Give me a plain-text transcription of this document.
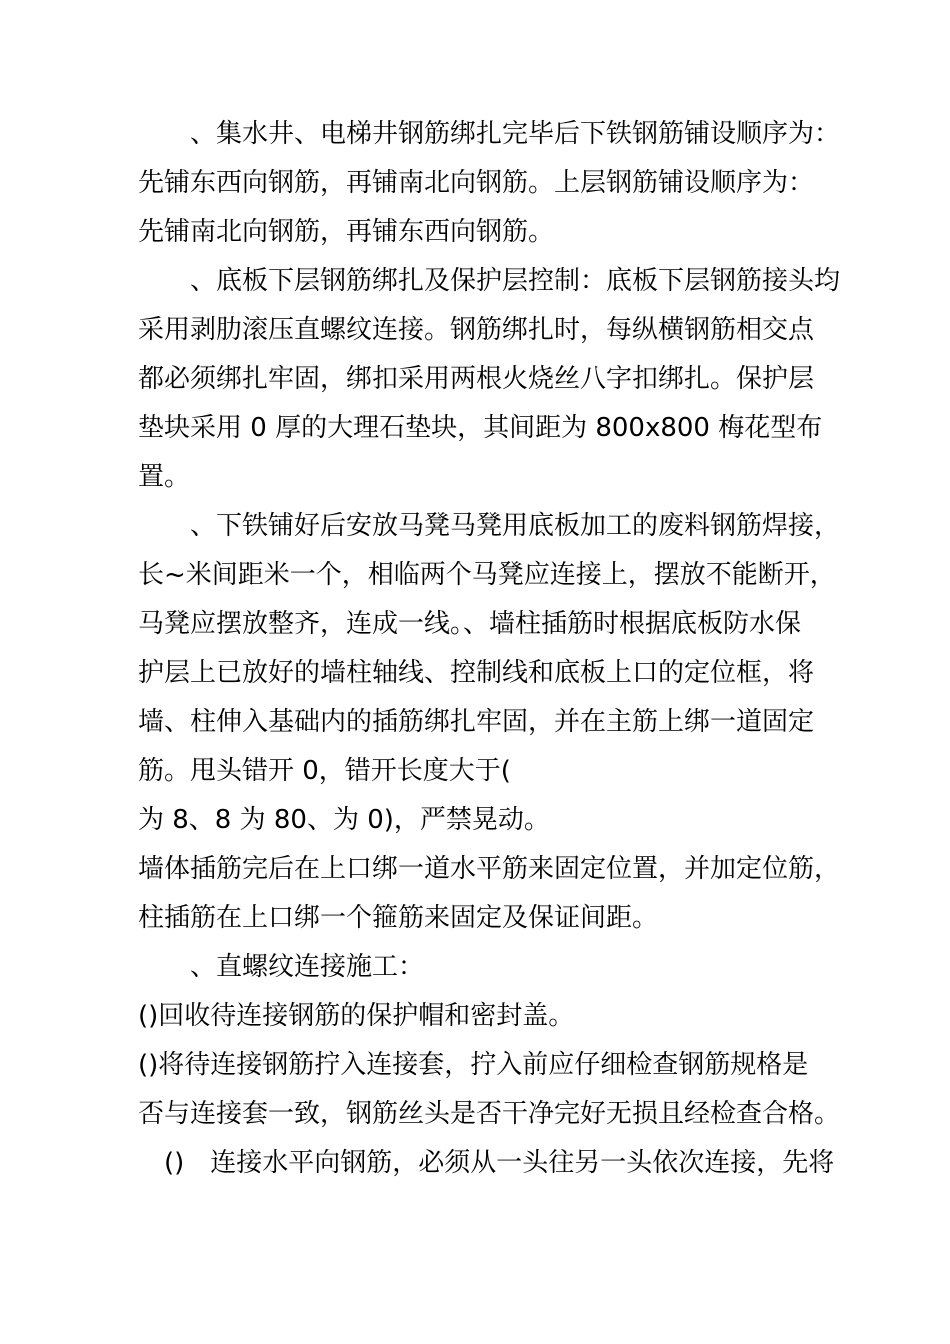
　　、集水井、电梯井钢筋绑扎完毕后下铁钢筋铺设顺序为：
先铺东西向钢筋，再铺南北向钢筋。上层钢筋铺设顺序为：
先铺南北向钢筋，再铺东西向钢筋。
　　、底板下层钢筋绑扎及保护层控制：底板下层钢筋接头均
采用剥肋滚压直螺纹连接。钢筋绑扎时，每纵横钢筋相交点
都必须绑扎牢固，绑扣采用两根火烧丝八字扣绑扎。保护层
垫块采用 0 厚的大理石垫块，其间距为 800x800 梅花型布
置。
　　、下铁铺好后安放马凳马凳用底板加工的废料钢筋焊接，
长~米间距米一个，相临两个马凳应连接上，摆放不能断开，
马凳应摆放整齐，连成一线。、墙柱插筋时根据底板防水保
护层上已放好的墙柱轴线、控制线和底板上口的定位框，将
墙、柱伸入基础内的插筋绑扎牢固，并在主筋上绑一道固定
筋。甩头错开 0，错开长度大于(
为 8、8 为 80、为 0)，严禁晃动。
墙体插筋完后在上口绑一道水平筋来固定位置，并加定位筋，
柱插筋在上口绑一个箍筋来固定及保证间距。
　　、直螺纹连接施工：
()回收待连接钢筋的保护帽和密封盖。
()将待连接钢筋拧入连接套，拧入前应仔细检查钢筋规格是
否与连接套一致，钢筋丝头是否干净完好无损且经检查合格。
　()　连接水平向钢筋，必须从一头往另一头依次连接，先将
